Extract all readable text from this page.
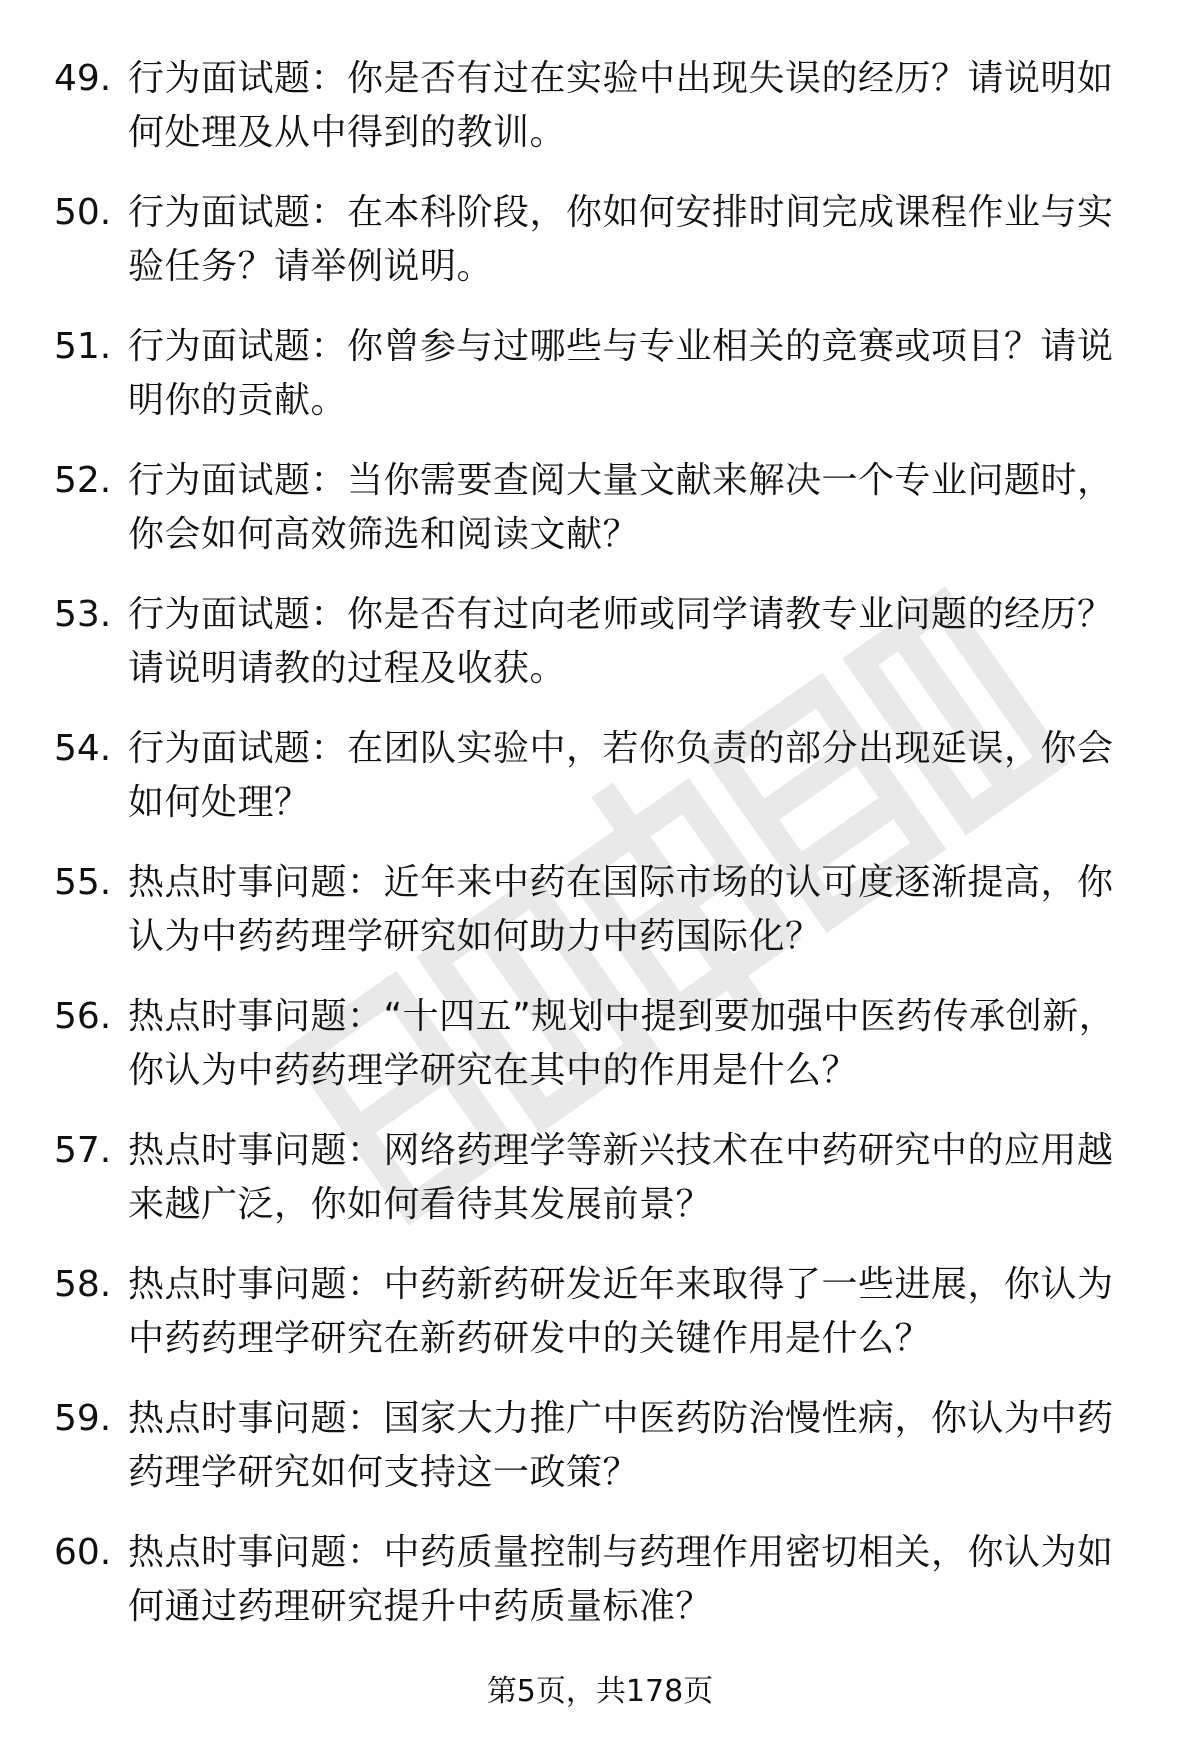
49. 行为面试题：你是否有过在实验中出现失误的经历？请说明如何处理及从中得到的教训。
50. 行为面试题：在本科阶段，你如何安排时间完成课程作业与实验任务？请举例说明。
51. 行为面试题：你曾参与过哪些与专业相关的竞赛或项目？请说明你的贡献。
52. 行为面试题：当你需要查阅大量文献来解决一个专业问题时，你会如何高效筛选和阅读文献？
53. 行为面试题：你是否有过向老师或同学请教专业问题的经历？请说明请教的过程及收获。
54. 行为面试题：在团队实验中，若你负责的部分出现延误，你会如何处理？
55. 热点时事问题：近年来中药在国际市场的认可度逐渐提高，你认为中药药理学研究如何助力中药国际化？
56. 热点时事问题：“十四五”规划中提到要加强中医药传承创新，你认为中药药理学研究在其中的作用是什么？
57. 热点时事问题：网络药理学等新兴技术在中药研究中的应用越来越广泛，你如何看待其发展前景？
58. 热点时事问题：中药新药研发近年来取得了一些进展，你认为中药药理学研究在新药研发中的关键作用是什么？
59. 热点时事问题：国家大力推广中医药防治慢性病，你认为中药药理学研究如何支持这一政策？
60. 热点时事问题：中药质量控制与药理作用密切相关，你认为如何通过药理研究提升中药质量标准？
第5页，共178页
